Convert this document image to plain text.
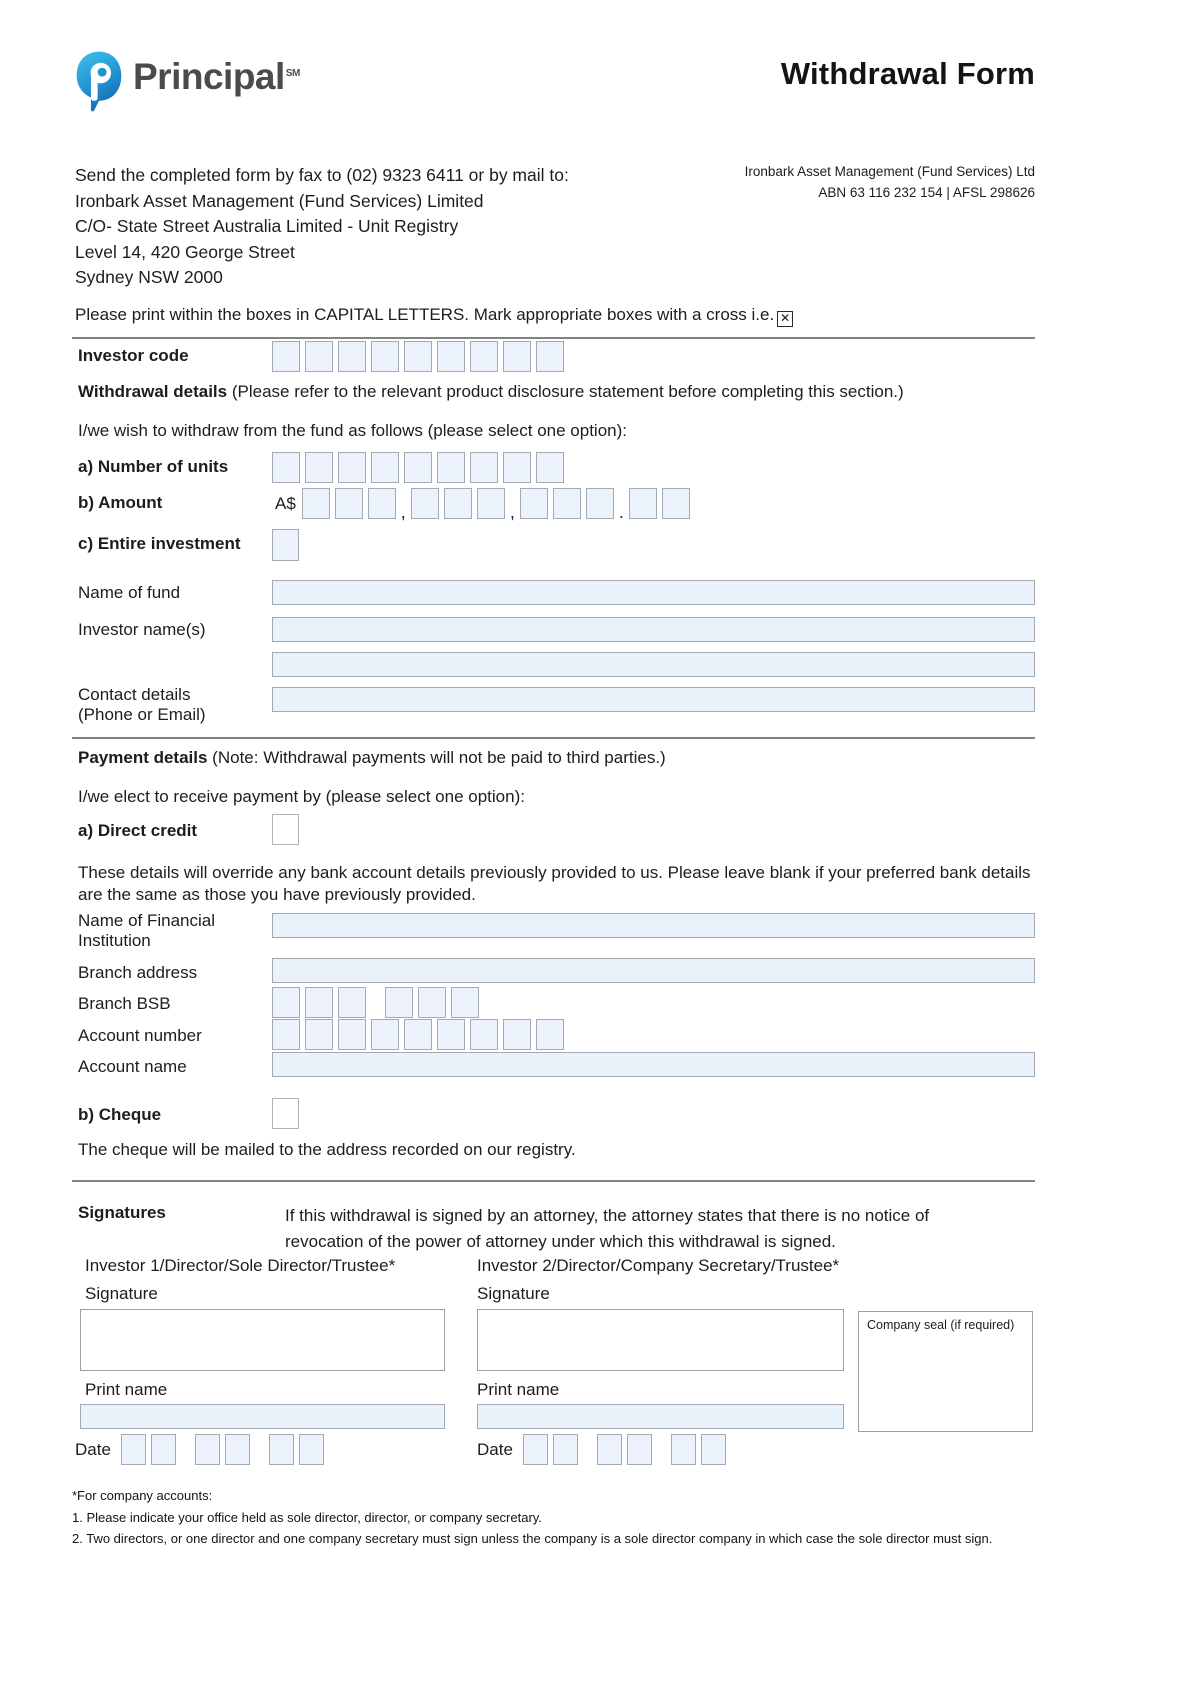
Principal℠	Withdrawal Form
Send the completed form by fax to (02) 9323 6411 or by mail to:
Ironbark Asset Management (Fund Services) Limited
C/O- State Street Australia Limited - Unit Registry
Level 14, 420 George Street
Sydney NSW 2000
Ironbark Asset Management (Fund Services) Ltd
ABN 63 116 232 154 | AFSL 298626
Please print within the boxes in CAPITAL LETTERS. Mark appropriate boxes with a cross i.e. ✕
Investor code
Withdrawal details (Please refer to the relevant product disclosure statement before completing this section.)
I/we wish to withdraw from the fund as follows (please select one option):
a) Number of units
b) Amount	A$	,	,	.
c) Entire investment
Name of fund
Investor name(s)
Contact details
(Phone or Email)
Payment details (Note: Withdrawal payments will not be paid to third parties.)
I/we elect to receive payment by (please select one option):
a) Direct credit
These details will override any bank account details previously provided to us. Please leave blank if your preferred bank details are the same as those you have previously provided.
Name of Financial
Institution
Branch address
Branch BSB
Account number
Account name
b) Cheque
The cheque will be mailed to the address recorded on our registry.
Signatures	If this withdrawal is signed by an attorney, the attorney states that there is no notice of revocation of the power of attorney under which this withdrawal is signed.
Investor 1/Director/Sole Director/Trustee*	Investor 2/Director/Company Secretary/Trustee*
Signature	Signature
Company seal (if required)
Print name	Print name
Date	Date
*For company accounts:
1. Please indicate your office held as sole director, director, or company secretary.
2. Two directors, or one director and one company secretary must sign unless the company is a sole director company in which case the sole director must sign.
